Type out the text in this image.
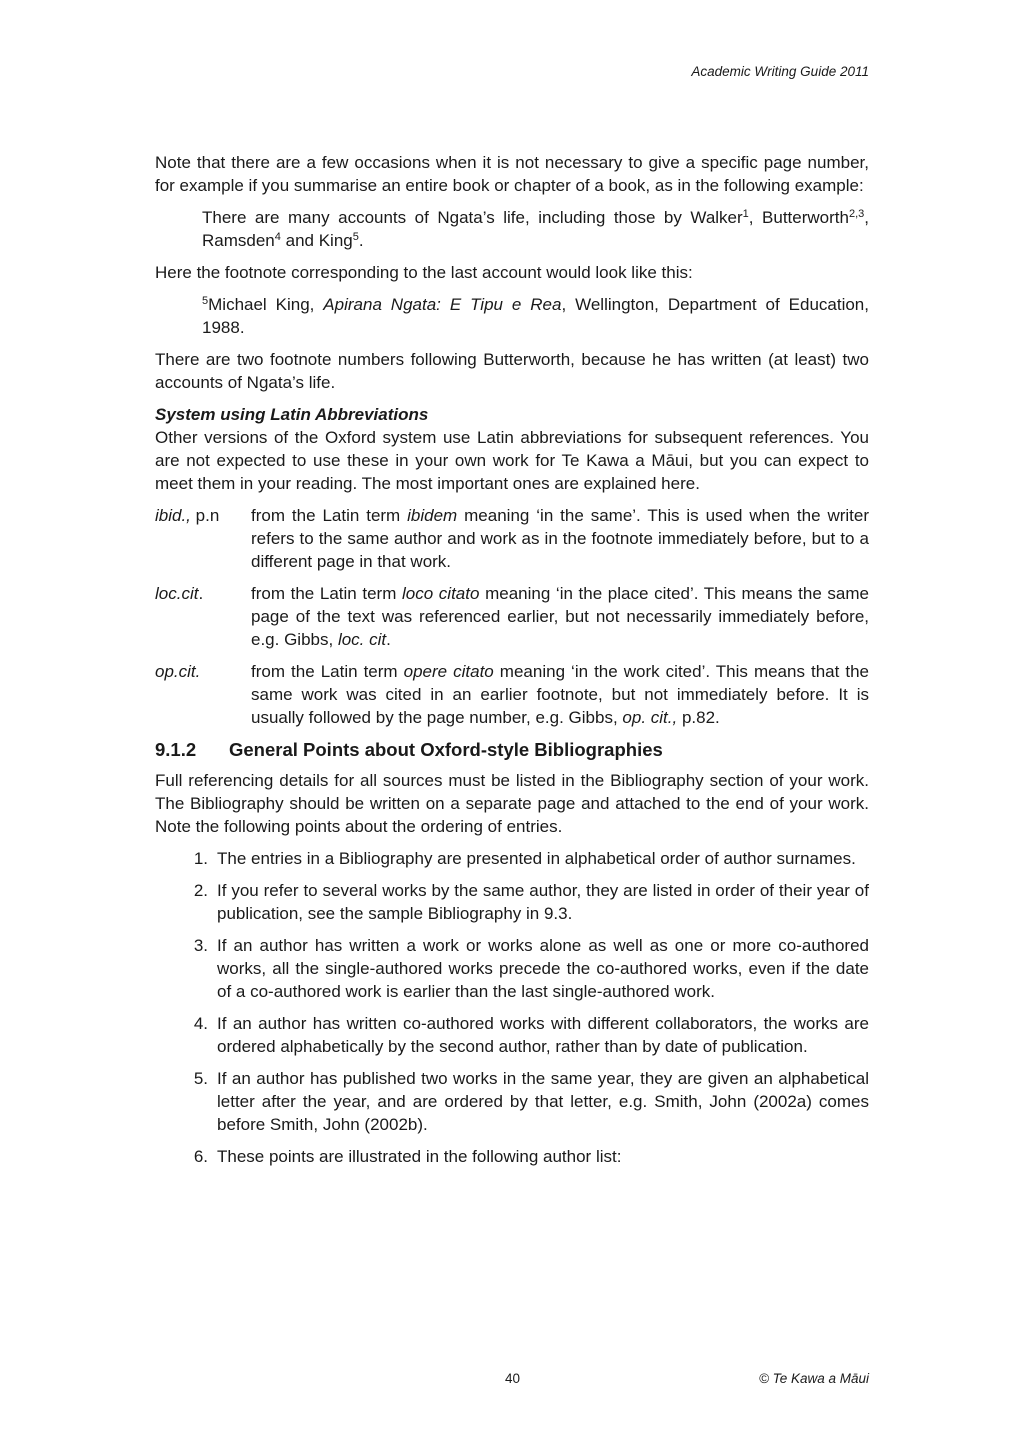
Academic Writing Guide 2011

Note that there are a few occasions when it is not necessary to give a specific page number, for example if you summarise an entire book or chapter of a book, as in the following example:

There are many accounts of Ngata’s life, including those by Walker$^1$, Butterworth$^{2,3}$, Ramsden$^4$ and King$^5$.

Here the footnote corresponding to the last account would look like this:

$^5$Michael King, Apirana Ngata: E Tipu e Rea, Wellington, Department of Education, 1988.

There are two footnote numbers following Butterworth, because he has written (at least) two accounts of Ngata’s life.

System using Latin Abbreviations

Other versions of the Oxford system use Latin abbreviations for subsequent references. You are not expected to use these in your own work for Te Kawa a Māui, but you can expect to meet them in your reading. The most important ones are explained here.

ibid., p.n	from the Latin term ibidem meaning ‘in the same’. This is used when the writer refers to the same author and work as in the footnote immediately before, but to a different page in that work.
loc.cit.	from the Latin term loco citato meaning ‘in the place cited’. This means the same page of the text was referenced earlier, but not necessarily immediately before, e.g. Gibbs, loc. cit.
op.cit.	from the Latin term opere citato meaning ‘in the work cited’. This means that the same work was cited in an earlier footnote, but not immediately before. It is usually followed by the page number, e.g. Gibbs, op. cit., p.82.
9.1.2	General Points about Oxford-style Bibliographies

Full referencing details for all sources must be listed in the Bibliography section of your work. The Bibliography should be written on a separate page and attached to the end of your work. Note the following points about the ordering of entries.

1. The entries in a Bibliography are presented in alphabetical order of author surnames.
2. If you refer to several works by the same author, they are listed in order of their year of publication, see the sample Bibliography in 9.3.
3. If an author has written a work or works alone as well as one or more co-authored works, all the single-authored works precede the co-authored works, even if the date of a co-authored work is earlier than the last single-authored work.
4. If an author has written co-authored works with different collaborators, the works are ordered alphabetically by the second author, rather than by date of publication.
5. If an author has published two works in the same year, they are given an alphabetical letter after the year, and are ordered by that letter, e.g. Smith, John (2002a) comes before Smith, John (2002b).
6. These points are illustrated in the following author list:
40	© Te Kawa a Māui
